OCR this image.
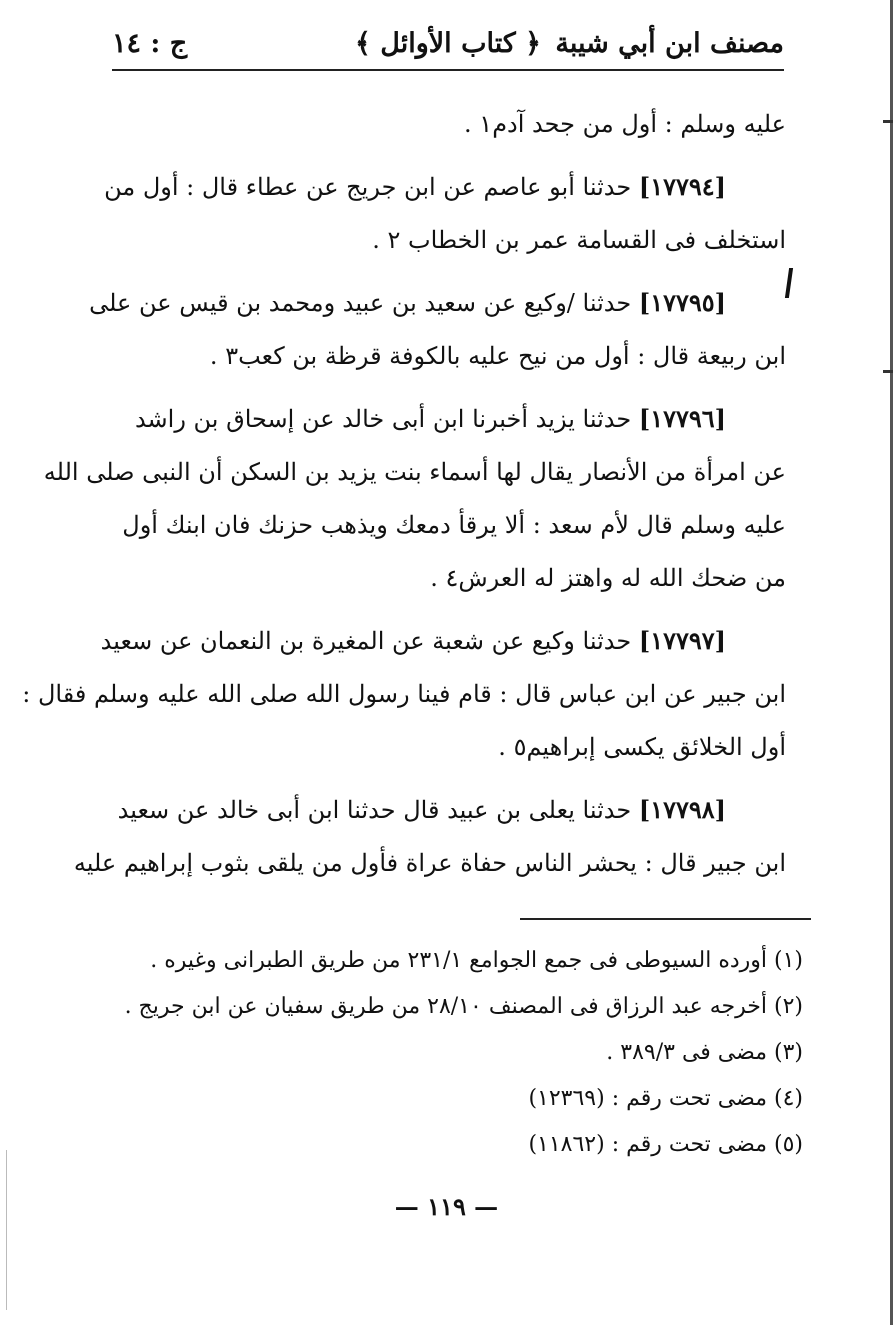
مصنف ابن أبي شيبة
﴿ كتاب الأوائل ﴾
ج : ١٤

عليه وسلم : أول من جحد آدم١ .

[١٧٧٩٤] حدثنا أبو عاصم عن ابن جريج عن عطاء قال : أول من

استخلف فى القسامة عمر بن الخطاب ٢ .

[١٧٧٩٥] حدثنا /وكيع عن سعيد بن عبيد ومحمد بن قيس عن على

ابن ربيعة قال : أول من نيح عليه بالكوفة قرظة بن كعب٣ .

[١٧٧٩٦] حدثنا يزيد أخبرنا ابن أبى خالد عن إسحاق بن راشد

عن امرأة من الأنصار يقال لها أسماء بنت يزيد بن السكن أن النبى صلى الله

عليه وسلم قال لأم سعد : ألا يرقأ دمعك ويذهب حزنك فان ابنك أول

من ضحك الله له واهتز له العرش٤ .

[١٧٧٩٧] حدثنا وكيع عن شعبة عن المغيرة بن النعمان عن سعيد

ابن جبير عن ابن عباس قال : قام فينا رسول الله صلى الله عليه وسلم فقال :

أول الخلائق يكسى إبراهيم٥ .

[١٧٧٩٨] حدثنا يعلى بن عبيد قال حدثنا ابن أبى خالد عن سعيد

ابن جبير قال : يحشر الناس حفاة عراة فأول من يلقى بثوب إبراهيم عليه

(١) أورده السيوطى فى جمع الجوامع ٢٣١/١ من طريق الطبرانى وغيره .

(٢) أخرجه عبد الرزاق فى المصنف ٢٨/١٠ من طريق سفيان عن ابن جريج .

(٣) مضى فى ٣٨٩/٣ .

(٤) مضى تحت رقم : (١٢٣٦٩)

(٥) مضى تحت رقم : (١١٨٦٢)

— ١١٩ —
